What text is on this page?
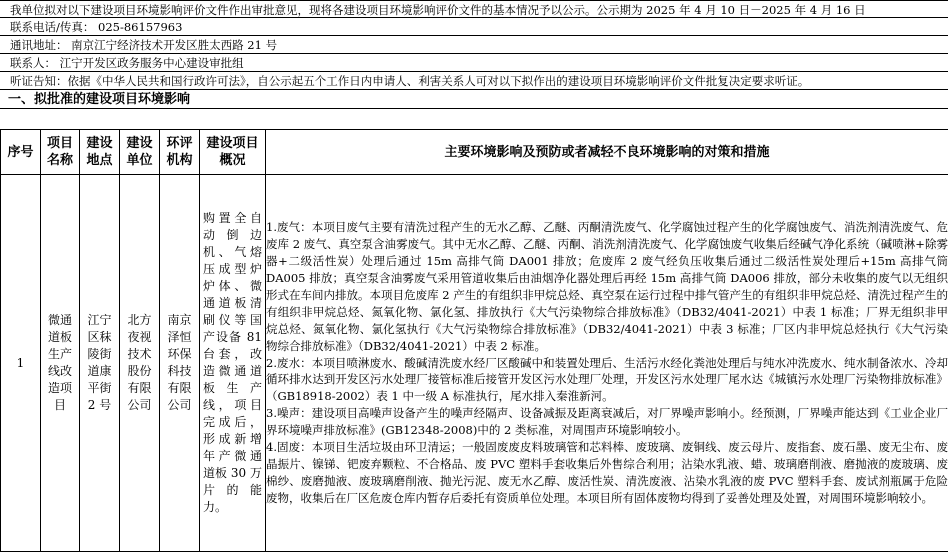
我单位拟对以下建设项目环境影响评价文件作出审批意见，现将各建设项目环境影响评价文件的基本情况予以公示。公示期为 2025 年 4 月 10 日－2025 年 4 月 16 日
联系电话/传真： 025-86157963
通讯地址： 南京江宁经济技术开发区胜太西路 21 号
联系人： 江宁开发区政务服务中心建设审批组
听证告知：依据《中华人民共和国行政许可法》，自公示起五个工作日内申请人、利害关系人可对以下拟作出的建设项目环境影响评价文件批复决定要求听证。
一、拟批准的建设项目环境影响
序号	项目名称	建设地点	建设单位	环评机构	建设项目概况	主要环境影响及预防或者减轻不良环境影响的对策和措施

1	微通道板生产线改造项目	江宁区秣陵街道康平街 2 号	北方夜视技术股份有限公司	南京泽恒环保科技有限公司	购置全自动倒边机、气熔压成型炉炉体、微通道板清刷仪等国产设备 81 台套，改造微通道板生产线，项目完成后，形成新增年产微通道板 30 万片的能力。	1.废气：本项目废气主要有清洗过程产生的无水乙醇、乙醚、丙酮清洗废气、化学腐蚀过程产生的化学腐蚀废气、消洗剂清洗废气、危废库 2 废气、真空泵含油雾废气。其中无水乙醇、乙醚、丙酮、消洗剂清洗废气、化学腐蚀废气收集后经碱气净化系统（碱喷淋+除雾器+二级活性炭）处理后通过 15m 高排气筒 DA001 排放；危废库 2 废气经负压收集后通过二级活性炭处理后+15m 高排气筒 DA005 排放；真空泵含油雾废气采用管道收集后由油烟净化器处理后再经 15m 高排气筒 DA006 排放，部分未收集的废气以无组织形式在车间内排放。本项目危废库 2 产生的有组织非甲烷总烃、真空泵在运行过程中排气管产生的有组织非甲烷总烃、清洗过程产生的有组织非甲烷总烃、氮氧化物、氯化氢、排放执行《大气污染物综合排放标准》（DB32/4041-2021）中表 1 标准；厂界无组织非甲烷总烃、氮氧化物、氯化氢执行《大气污染物综合排放标准》（DB32/4041-2021）中表 3 标准；厂区内非甲烷总烃执行《大气污染物综合排放标准》（DB32/4041-2021）中表 2 标准。
2.废水：本项目喷淋废水、酸碱清洗废水经厂区酸碱中和装置处理后、生活污水经化粪池处理后与纯水冲洗废水、纯水制备浓水、冷却循环排水达到开发区污水处理厂接管标准后接管开发区污水处理厂处理，开发区污水处理厂尾水达《城镇污水处理厂污染物排放标准》（GB18918-2002）表 1 中一级 A 标准执行，尾水排入秦淮新河。
3.噪声：建设项目高噪声设备产生的噪声经隔声、设备减振及距离衰减后，对厂界噪声影响小。经预测，厂界噪声能达到《工业企业厂界环境噪声排放标准》(GB12348-2008)中的 2 类标准，对周围声环境影响较小。
4.固废：本项目生活垃圾由环卫清运；一般固废废皮料玻璃管和芯料棒、废玻璃、废铜线、废云母片、废指套、废石墨、废无尘布、废晶振片、镍锑、钯废弃颗粒、不合格品、废 PVC 塑料手套收集后外售综合利用；沾染水乳液、蜡、玻璃磨削液、磨抛液的废玻璃、废棉纱、废磨抛液、废玻璃磨削液、抛光污泥、废无水乙醇、废活性炭、清洗废液、沾染水乳液的废 PVC 塑料手套、废试剂瓶属于危险废物，收集后在厂区危废仓库内暂存后委托有资质单位处理。本项目所有固体废物均得到了妥善处理及处置，对周围环境影响较小。
